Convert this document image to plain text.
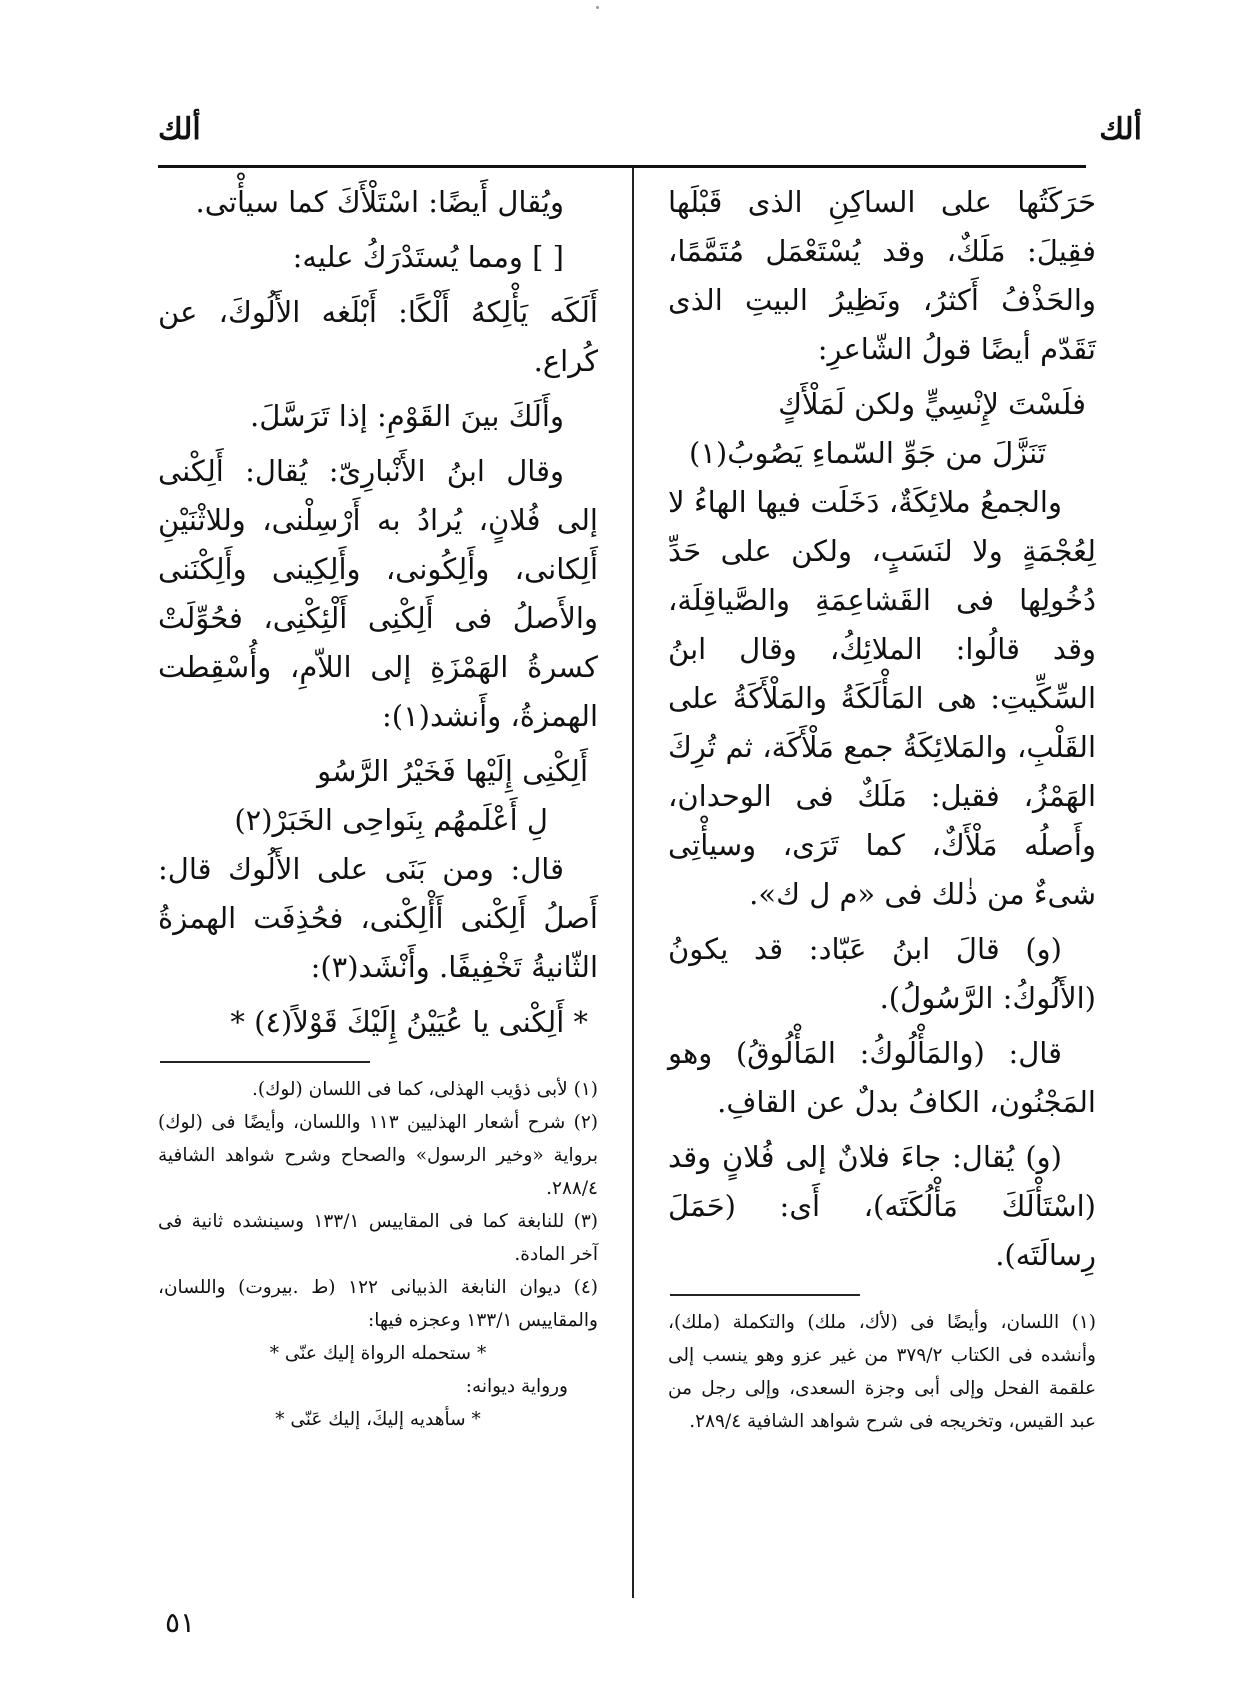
ألك
ألك

حَرَكَتُها على الساكِنِ الذى قَبْلَها فقِيلَ: مَلَكٌ، وقد يُسْتَعْمَل مُتَمَّمًا، والحَذْفُ أَكثرُ، ونَظِيرُ البيتِ الذى تَقَدّم أيضًا قولُ الشّاعرِ:

فلَسْتَ لإِنْسِيٍّ ولكن لَمَلْأَكٍ

تَنَزَّلَ من جَوِّ السّماءِ يَصُوبُ(١)

والجمعُ ملائِكَةٌ، دَخَلَت فيها الهاءُ لا لِعُجْمَةٍ ولا لنَسَبٍ، ولكن على حَدِّ دُخُولِها فى القَشاعِمَةِ والصَّياقِلَة، وقد قالُوا: الملائِكُ، وقال ابنُ السِّكِّيتِ: هى المَأْلَكَةُ والمَلْأَكَةُ على القَلْبِ، والمَلائِكَةُ جمع مَلْأَكَة، ثم تُرِكَ الهَمْزُ، فقيل: مَلَكٌ فى الوحدان، وأَصلُه مَلْأَكٌ، كما تَرَى، وسيأْتِى شىءٌ من ذٰلك فى «م ل ك».

(و) قالَ ابنُ عَبّاد: قد يكونُ (الأَلُوكُ: الرَّسُولُ).

قال: (والمَأْلُوكُ: المَأْلُوقُ) وهو المَجْنُون، الكافُ بدلٌ عن القافِ.

(و) يُقال: جاءَ فلانٌ إلى فُلانٍ وقد (اسْتَأْلَكَ مَأْلُكَتَه)، أَى: (حَمَلَ رِسالَتَه).

(١) اللسان، وأيضًا فى (لأك، ملك) والتكملة (ملك)، وأنشده فى الكتاب ٣٧٩/٢ من غير عزو وهو ينسب إلى علقمة الفحل وإلى أبى وجزة السعدى، وإلى رجل من عبد القيس، وتخريجه فى شرح شواهد الشافية ٢٨٩/٤.

ويُقال أَيضًا: اسْتَلْأَكَ كما سيأْتى.

[ ] ومما يُستَدْرَكُ عليه:

أَلَكَه يَأْلِكهُ أَلْكًا: أَبْلَغه الأَلُوكَ، عن كُراع.

وأَلَكَ بينَ القَوْمِ: إذا تَرَسَّلَ.

وقال ابنُ الأَنْبارِىّ: يُقال: أَلِكْنى إلى فُلانٍ، يُرادُ به أَرْسِلْنى، وللاثْنَيْنِ أَلِكانى، وأَلِكُونى، وأَلِكِينى وأَلِكْنَنى والأَصلُ فى أَلِكْنِى أَلْئِكْنِى، فحُوِّلَتْ كسرةُ الهَمْزَةِ إلى اللاّمِ، وأُسْقِطت الهمزةُ، وأَنشد(١):

أَلِكْنِى إِلَيْها فَخَيْرُ الرَّسُو

لِ أَعْلَمهُم بِنَواحِى الخَبَرْ(٢)

قال: ومن بَنَى على الأَلُوك قال: أَصلُ أَلِكْنى أَأْلِكْنى، فحُذِفَت الهمزةُ الثّانيةُ تَخْفِيفًا. وأَنْشَد(٣):

* أَلِكْنى يا عُيَيْنُ إِلَيْكَ قَوْلاً(٤) *

(١) لأبى ذؤيب الهذلى، كما فى اللسان (لوك).

(٢) شرح أشعار الهذليين ١١٣ واللسان، وأيضًا فى (لوك) برواية «وخير الرسول» والصحاح وشرح شواهد الشافية ٢٨٨/٤.

(٣) للنابغة كما فى المقاييس ١٣٣/١ وسينشده ثانية فى آخر المادة.

(٤) ديوان النابغة الذبيانى ١٢٢ (ط .بيروت) واللسان، والمقاييس ١٣٣/١ وعجزه فيها:

* ستحمله الرواة إليك عنّى *

ورواية ديوانه:

* سأهديه إليكَ، إليك عَنّى *

٥١
